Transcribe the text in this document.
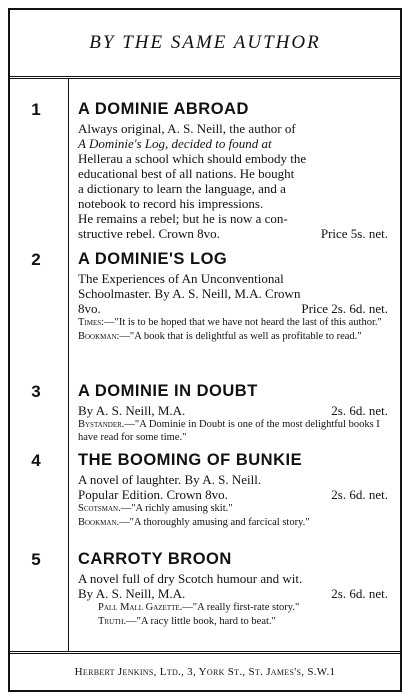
BY THE SAME AUTHOR
1	A DOMINIE ABROAD
Always original, A. S. Neill, the author of
A Dominie's Log, decided to found at
Hellerau a school which should embody the
educational best of all nations. He bought
a dictionary to learn the language, and a
notebook to record his impressions.
He remains a rebel; but he is now a con-
structive rebel. Crown 8vo.	Price 5s. net.
2	A DOMINIE'S LOG
The Experiences of An Unconventional
Schoolmaster. By A. S. Neill, M.A. Crown
8vo.	Price 2s. 6d. net.

Times:—"It is to be hoped that we have not heard the last of this author."

Bookman:—"A book that is delightful as well as profitable to read."

3	A DOMINIE IN DOUBT
By A. S. Neill, M.A.	2s. 6d. net.

Bystander.—"A Dominie in Doubt is one of the most delightful books I have read for some time."

4	THE BOOMING OF BUNKIE
A novel of laughter. By A. S. Neill.
Popular Edition. Crown 8vo.	2s. 6d. net.

Scotsman.—"A richly amusing skit."

Bookman.—"A thoroughly amusing and farcical story."

5	CARROTY BROON
A novel full of dry Scotch humour and wit.
By A. S. Neill, M.A.	2s. 6d. net.

Pall Mall Gazette.—"A really first-rate story."

Truth.—"A racy little book, hard to beat."

Herbert Jenkins, Ltd., 3, York St., St. James's, S.W.1
